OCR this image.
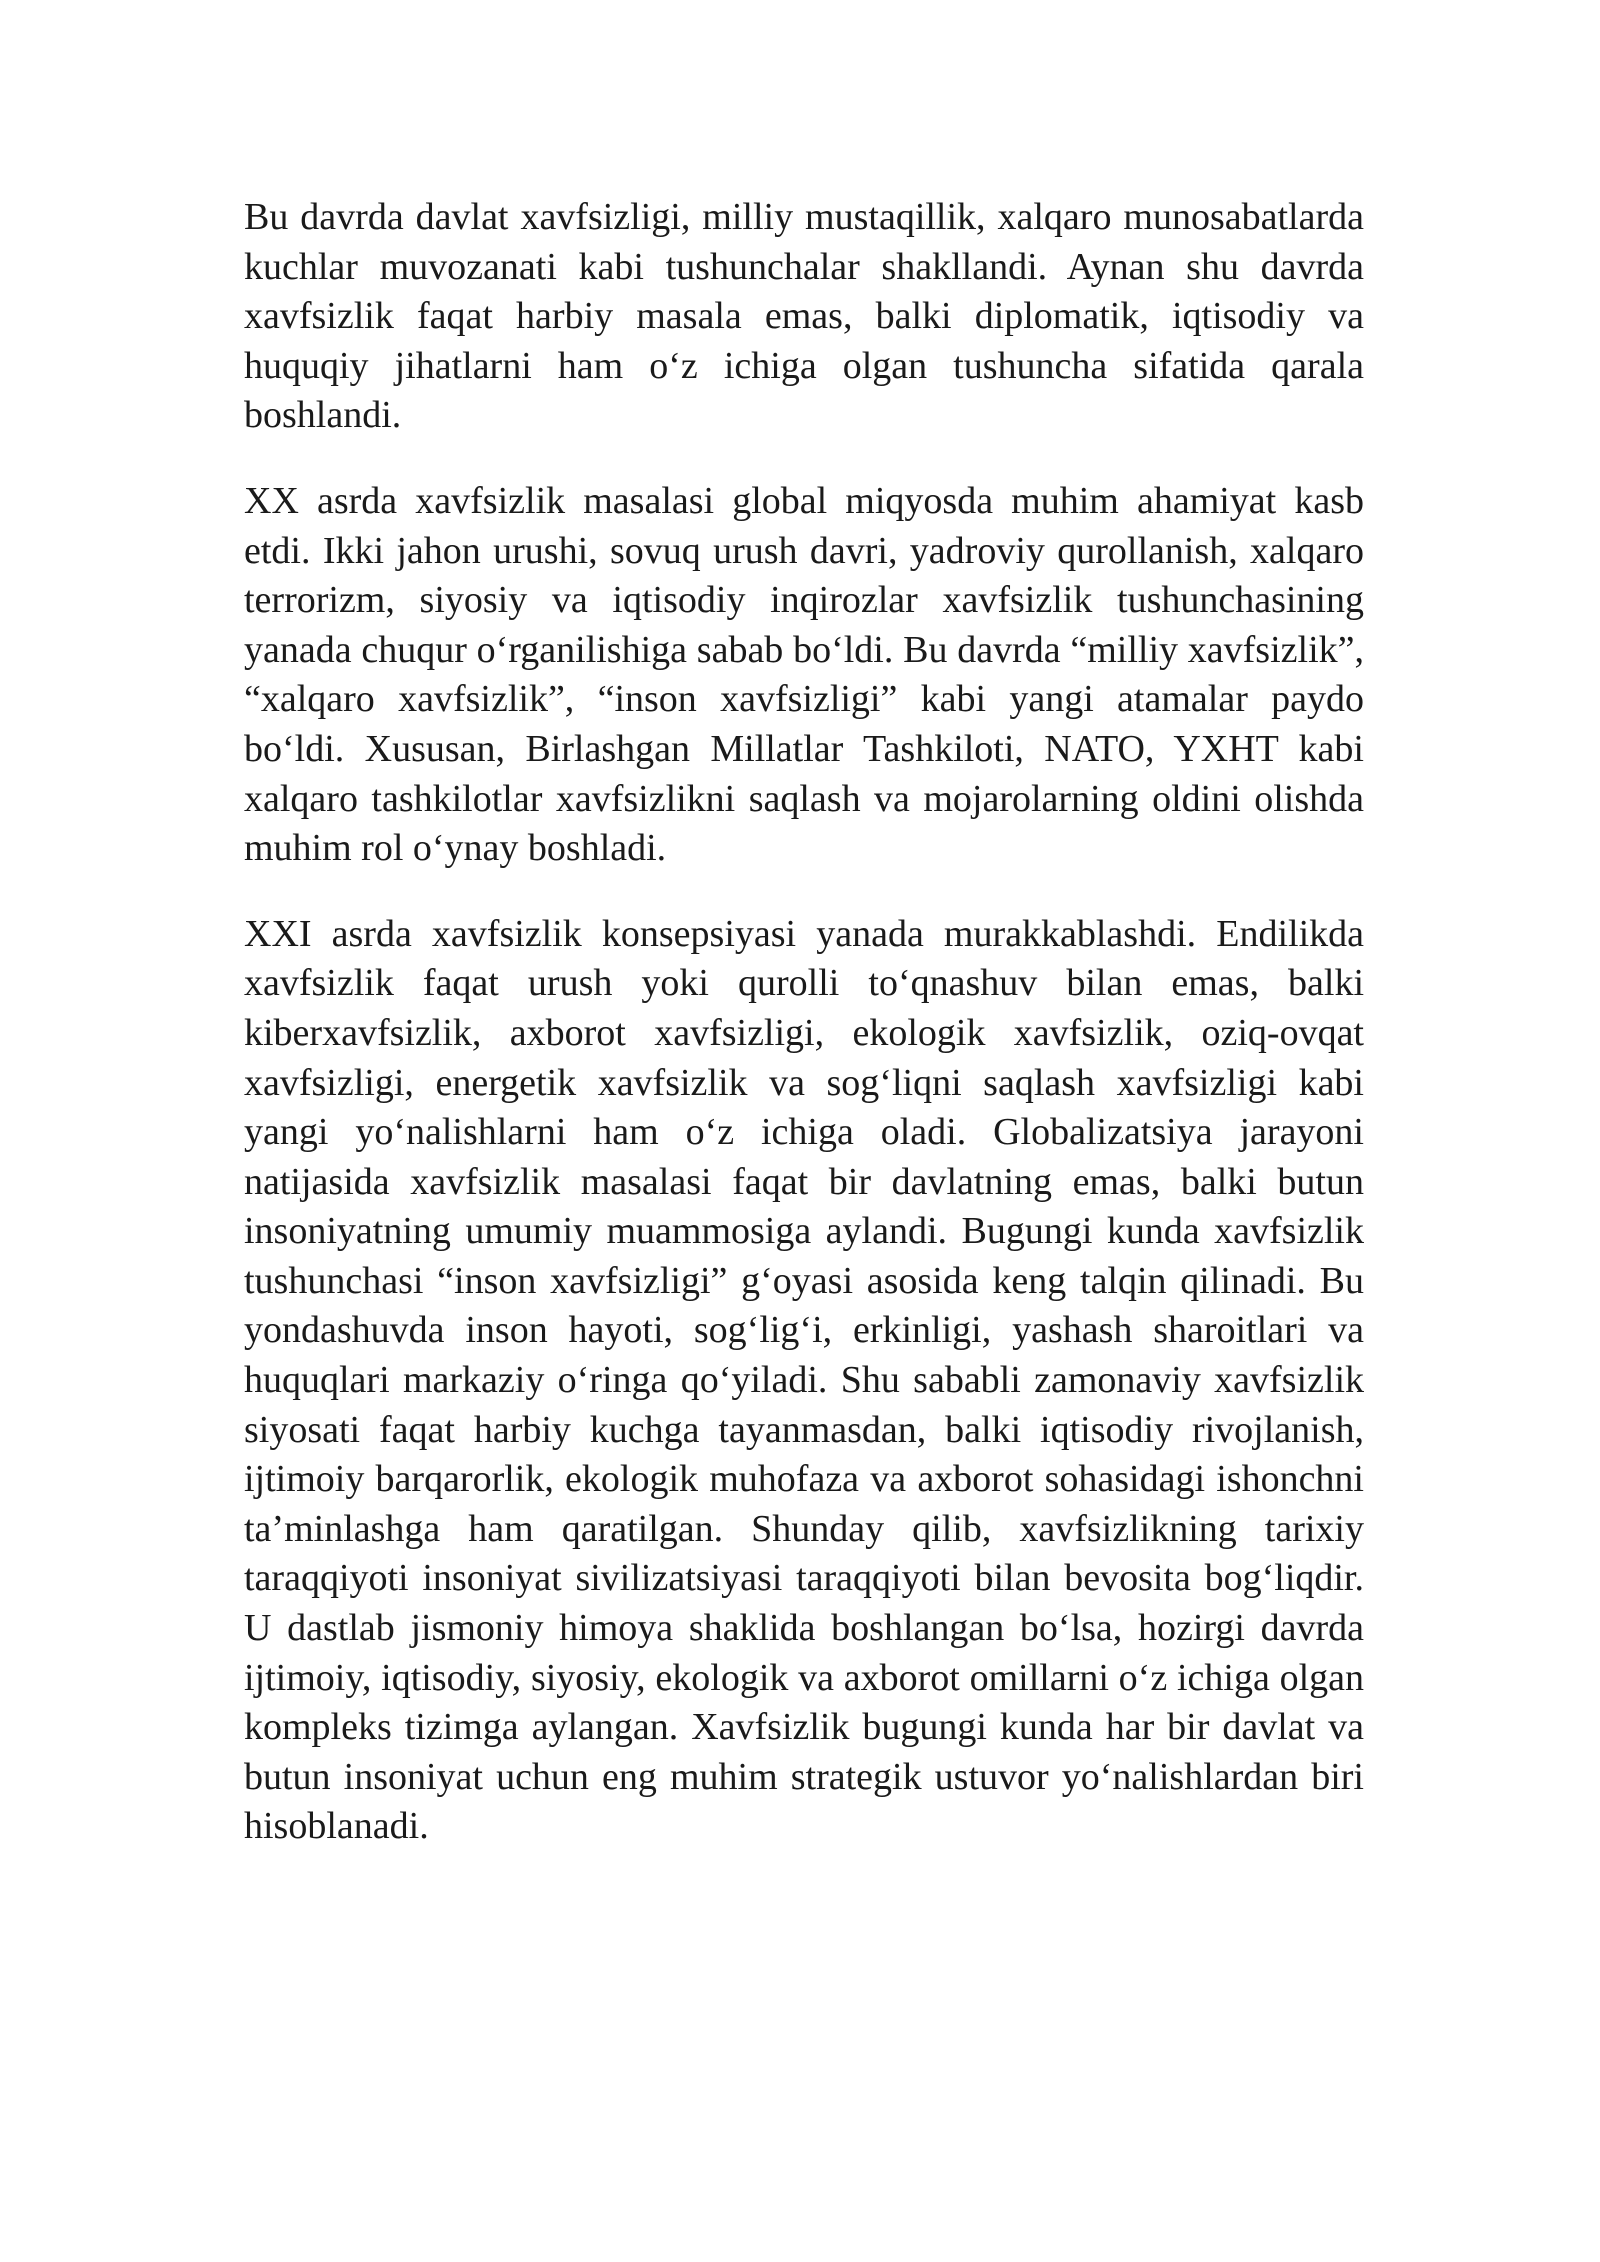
Bu davrda davlat xavfsizligi, milliy mustaqillik, xalqaro munosabatlarda kuchlar muvozanati kabi tushunchalar shakllandi. Aynan shu davrda xavfsizlik faqat harbiy masala emas, balki diplomatik, iqtisodiy va huquqiy jihatlarni ham o‘z ichiga olgan tushuncha sifatida qarala boshlandi.

XX asrda xavfsizlik masalasi global miqyosda muhim ahamiyat kasb etdi. Ikki jahon urushi, sovuq urush davri, yadroviy qurollanish, xalqaro terrorizm, siyosiy va iqtisodiy inqirozlar xavfsizlik tushunchasining yanada chuqur o‘rganilishiga sabab bo‘ldi. Bu davrda “milliy xavfsizlik”, “xalqaro xavfsizlik”, “inson xavfsizligi” kabi yangi atamalar paydo bo‘ldi. Xususan, Birlashgan Millatlar Tashkiloti, NATO, YXHT kabi xalqaro tashkilotlar xavfsizlikni saqlash va mojarolarning oldini olishda muhim rol o‘ynay boshladi.

XXI asrda xavfsizlik konsepsiyasi yanada murakkablashdi. Endilikda xavfsizlik faqat urush yoki qurolli to‘qnashuv bilan emas, balki kiberxavfsizlik, axborot xavfsizligi, ekologik xavfsizlik, oziq-ovqat xavfsizligi, energetik xavfsizlik va sog‘liqni saqlash xavfsizligi kabi yangi yo‘nalishlarni ham o‘z ichiga oladi. Globalizatsiya jarayoni natijasida xavfsizlik masalasi faqat bir davlatning emas, balki butun insoniyatning umumiy muammosiga aylandi. Bugungi kunda xavfsizlik tushunchasi “inson xavfsizligi” g‘oyasi asosida keng talqin qilinadi. Bu yondashuvda inson hayoti, sog‘lig‘i, erkinligi, yashash sharoitlari va huquqlari markaziy o‘ringa qo‘yiladi. Shu sababli zamonaviy xavfsizlik siyosati faqat harbiy kuchga tayanmasdan, balki iqtisodiy rivojlanish, ijtimoiy barqarorlik, ekologik muhofaza va axborot sohasidagi ishonchni ta’minlashga ham qaratilgan. Shunday qilib, xavfsizlikning tarixiy taraqqiyoti insoniyat sivilizatsiyasi taraqqiyoti bilan bevosita bog‘liqdir. U dastlab jismoniy himoya shaklida boshlangan bo‘lsa, hozirgi davrda ijtimoiy, iqtisodiy, siyosiy, ekologik va axborot omillarni o‘z ichiga olgan kompleks tizimga aylangan. Xavfsizlik bugungi kunda har bir davlat va butun insoniyat uchun eng muhim strategik ustuvor yo‘nalishlardan biri hisoblanadi.
